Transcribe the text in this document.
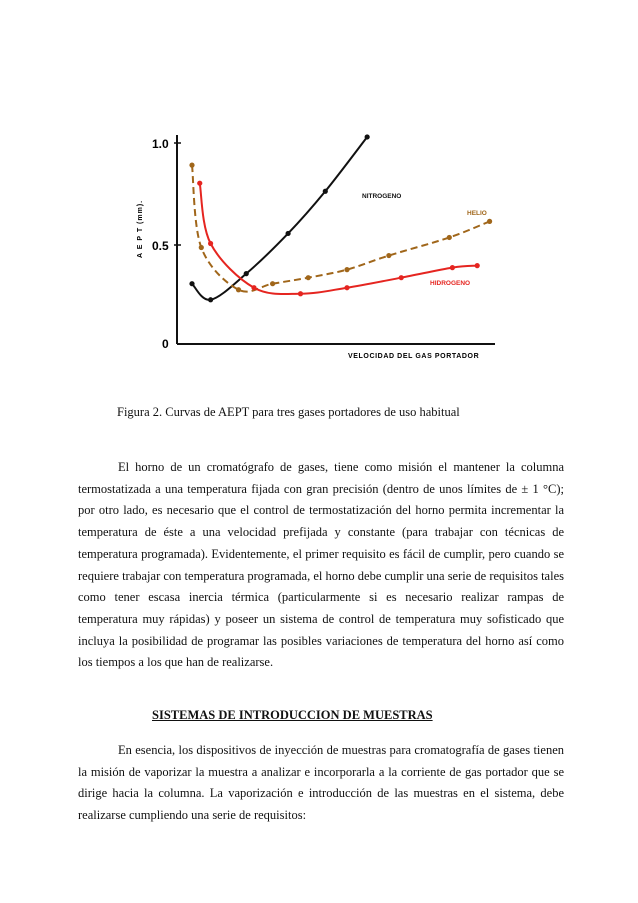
1.0
0.5
0
A E P T (mm).
VELOCIDAD DEL GAS PORTADOR
NITROGENO
HELIO
HIDROGENO
Figura 2. Curvas de AEPT para tres gases portadores de uso habitual

El horno de un cromatógrafo de gases, tiene como misión el mantener la columna termostatizada a una temperatura fijada con gran precisión (dentro de unos límites de ± 1 °C); por otro lado, es necesario que el control de termostatización del horno permita incrementar la temperatura de éste a una velocidad prefijada y constante (para trabajar con técnicas de temperatura programada). Evidentemente, el primer requisito es fácil de cumplir, pero cuando se requiere trabajar con temperatura programada, el horno debe cumplir una serie de requisitos tales como tener escasa inercia térmica (particularmente si es necesario realizar rampas de temperatura muy rápidas) y poseer un sistema de control de temperatura muy sofisticado que incluya la posibilidad de programar las posibles variaciones de temperatura del horno así como los tiempos a los que han de realizarse.

SISTEMAS DE INTRODUCCION DE MUESTRAS

En esencia, los dispositivos de inyección de muestras para cromatografía de gases tienen la misión de vaporizar la muestra a analizar e incorporarla a la corriente de gas portador que se dirige hacia la columna. La vaporización e introducción de las muestras en el sistema, debe realizarse cumpliendo una serie de requisitos:
